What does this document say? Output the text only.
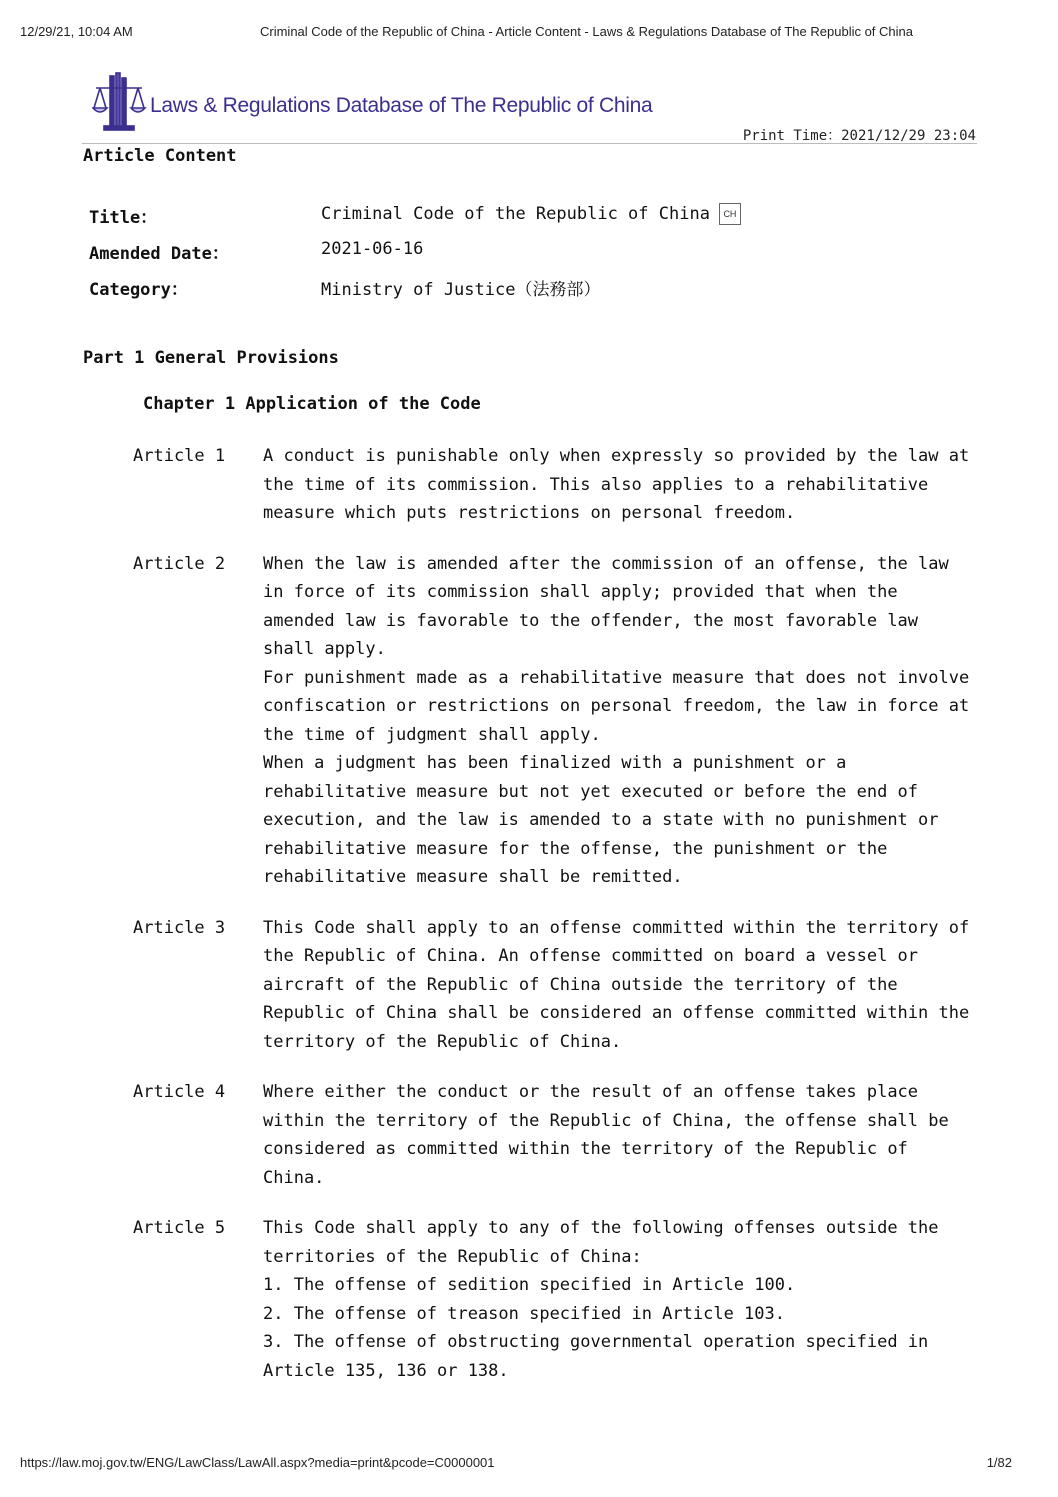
12/29/21, 10:04 AM	Criminal Code of the Republic of China - Article Content - Laws & Regulations Database of The Republic of China
Laws & Regulations Database of The Republic of China
Print Time：2021/12/29 23:04
Article Content
Title：	Criminal Code of the Republic of China CH
Amended Date：	2021-06-16
Category：	Ministry of Justice（法務部）
Part 1 General Provisions
Chapter 1 Application of the Code
Article 1 A conduct is punishable only when expressly so provided by the law at the time of its commission. This also applies to a rehabilitative measure which puts restrictions on personal freedom.

Article 2 When the law is amended after the commission of an offense, the law in force of its commission shall apply; provided that when the amended law is favorable to the offender, the most favorable law shall apply.

For punishment made as a rehabilitative measure that does not involve confiscation or restrictions on personal freedom, the law in force at the time of judgment shall apply.

When a judgment has been finalized with a punishment or a rehabilitative measure but not yet executed or before the end of execution, and the law is amended to a state with no punishment or rehabilitative measure for the offense, the punishment or the rehabilitative measure shall be remitted.

Article 3 This Code shall apply to an offense committed within the territory of the Republic of China. An offense committed on board a vessel or aircraft of the Republic of China outside the territory of the Republic of China shall be considered an offense committed within the territory of the Republic of China.

Article 4 Where either the conduct or the result of an offense takes place within the territory of the Republic of China, the offense shall be considered as committed within the territory of the Republic of China.

Article 5 This Code shall apply to any of the following offenses outside the territories of the Republic of China:

1. The offense of sedition specified in Article 100.

2. The offense of treason specified in Article 103.

3. The offense of obstructing governmental operation specified in Article 135, 136 or 138.

https://law.moj.gov.tw/ENG/LawClass/LawAll.aspx?media=print&pcode=C0000001	1/82
